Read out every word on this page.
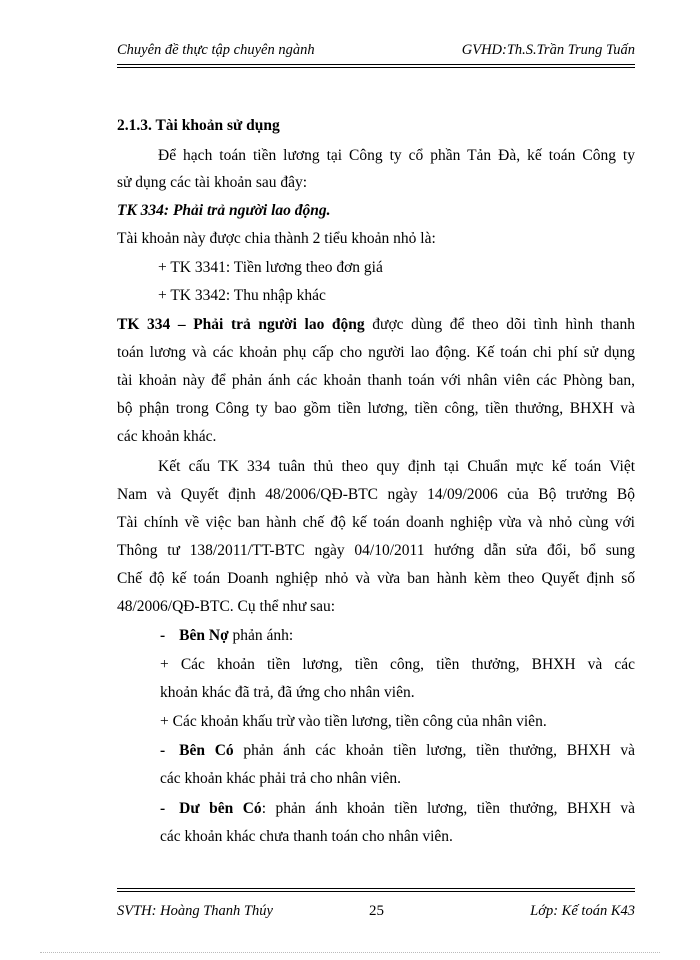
Chuyên đề thực tập chuyên ngành	GVHD:Th.S.Trần Trung Tuấn
2.1.3. Tài khoản sử dụng
Để hạch toán tiền lương tại Công ty cổ phần Tản Đà, kế toán Công ty
sử dụng các tài khoản sau đây:
TK 334: Phải trả người lao động.
Tài khoản này được chia thành 2 tiểu khoản nhỏ là:
+ TK 3341: Tiền lương theo đơn giá
+ TK 3342: Thu nhập khác
TK 334 – Phải trả người lao động được dùng để theo dõi tình hình thanh
toán lương và các khoản phụ cấp cho người lao động. Kế toán chi phí sử dụng
tài khoản này để phản ánh các khoản thanh toán với nhân viên các Phòng ban,
bộ phận trong Công ty bao gồm tiền lương, tiền công, tiền thưởng, BHXH và
các khoản khác.
Kết cấu TK 334 tuân thủ theo quy định tại Chuẩn mực kế toán Việt
Nam và Quyết định 48/2006/QĐ-BTC ngày 14/09/2006 của Bộ trưởng Bộ
Tài chính về việc ban hành chế độ kế toán doanh nghiệp vừa và nhỏ cùng với
Thông tư 138/2011/TT-BTC ngày 04/10/2011 hướng dẫn sửa đổi, bổ sung
Chế độ kế toán Doanh nghiệp nhỏ và vừa ban hành kèm theo Quyết định số
48/2006/QĐ-BTC. Cụ thể như sau:
- Bên Nợ phản ánh:
+ Các khoản tiền lương, tiền công, tiền thưởng, BHXH và các
khoản khác đã trả, đã ứng cho nhân viên.
+ Các khoản khấu trừ vào tiền lương, tiền công của nhân viên.
- Bên Có phản ánh các khoản tiền lương, tiền thưởng, BHXH và
các khoản khác phải trả cho nhân viên.
- Dư bên Có: phản ánh khoản tiền lương, tiền thưởng, BHXH và
các khoản khác chưa thanh toán cho nhân viên.
SVTH: Hoàng Thanh Thúy	25	Lớp: Kế toán K43
